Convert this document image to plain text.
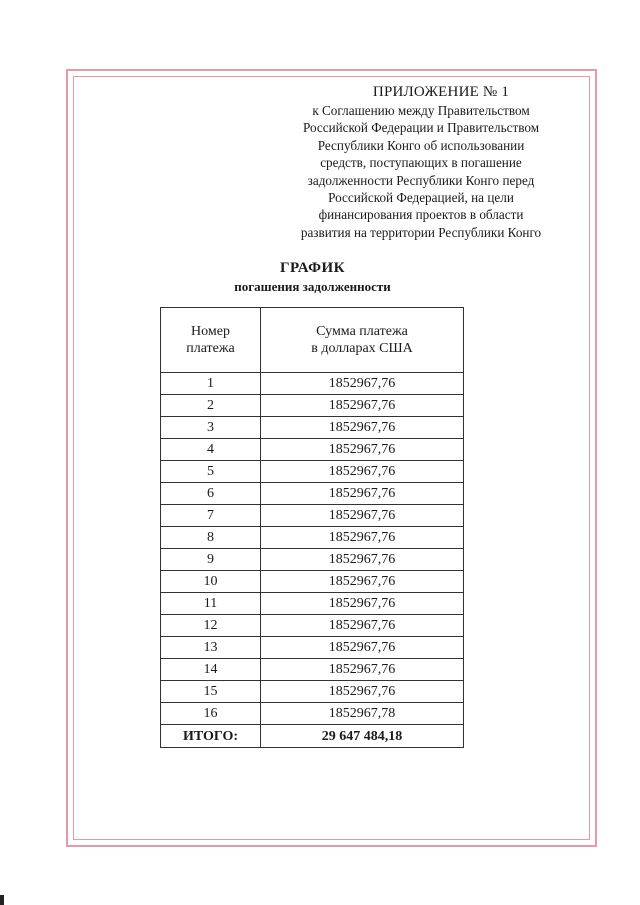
ПРИЛОЖЕНИЕ № 1
к Соглашению между Правительством
Российской Федерации и Правительством
Республики Конго об использовании
средств, поступающих в погашение
задолженности Республики Конго перед
Российской Федерацией, на цели
финансирования проектов в области
развития на территории Республики Конго
ГРАФИК
погашения задолженности
Номер
платежа	Сумма платежа
в долларах США
1	1852967,76
2	1852967,76
3	1852967,76
4	1852967,76
5	1852967,76
6	1852967,76
7	1852967,76
8	1852967,76
9	1852967,76
10	1852967,76
11	1852967,76
12	1852967,76
13	1852967,76
14	1852967,76
15	1852967,76
16	1852967,78
ИТОГО:	29 647 484,18
